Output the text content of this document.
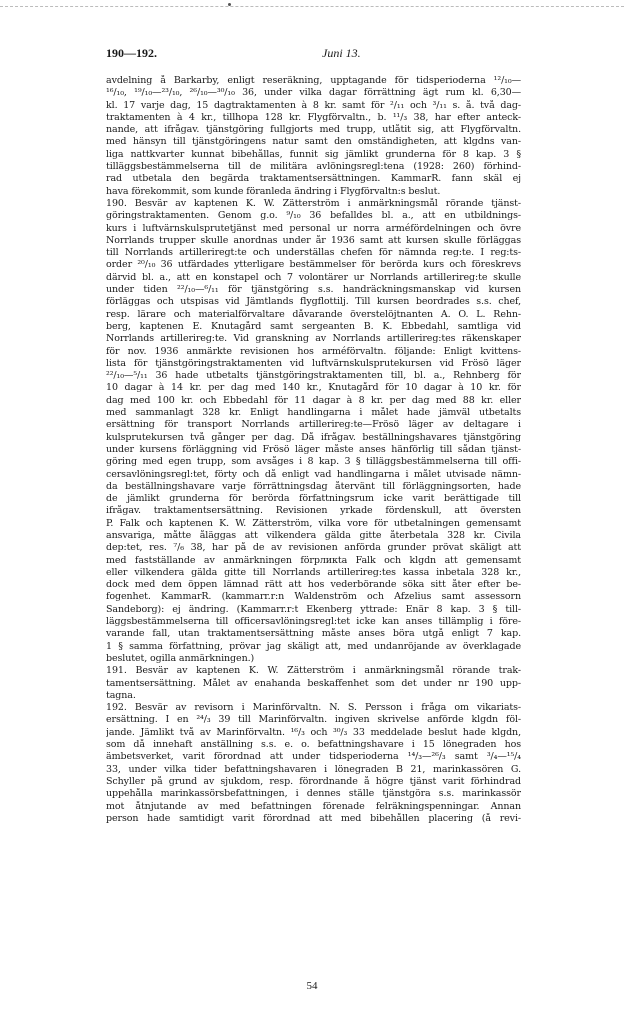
190—192.	Juni 13.
avdelning å Barkarby, enligt reseräkning, upptagande för tidsperioderna ¹²/₁₀—
¹⁶/₁₀, ¹⁹/₁₀—²³/₁₀, ²⁶/₁₀—³⁰/₁₀ 36, under vilka dagar förrättning ägt rum kl. 6,30—
kl. 17 varje dag, 15 dagtraktamenten à 8 kr. samt för ²/₁₁ och ³/₁₁ s. å. två dag-
traktamenten à 4 kr., tillhopa 128 kr. Flygförvaltn., b. ¹¹/₃ 38, har efter anteck-
nande, att ifrågav. tjänstgöring fullgjorts med trupp, utlåtit sig, att Flygförvaltn.
med hänsyn till tjänstgöringens natur samt den omständigheten, att klgdns van-
liga nattkvarter kunnat bibehållas, funnit sig jämlikt grunderna för 8 kap. 3 §
tilläggsbestämmelserna till de militära avlöningsregl:tena (1928: 260) förhind-
rad utbetala den begärda traktamentsersättningen. KammarR. fann skäl ej
hava förekommit, som kunde föranleda ändring i Flygförvaltn:s beslut.
190. Besvär av kaptenen K. W. Zätterström i anmärkningsmål rörande tjänst-
göringstraktamenten. Genom g.o. ⁹/₁₀ 36 befalldes bl. a., att en utbildnings-
kurs i luftvärnskulsprutetjänst med personal ur norra arméfördelningen och övre
Norrlands trupper skulle anordnas under år 1936 samt att kursen skulle förläggas
till Norrlands artilleriregt:te och underställas chefen för nämnda reg:te. I reg:ts-
order ²⁰/₁₀ 36 utfärdades ytterligare bestämmelser för berörda kurs och föreskrevs
därvid bl. a., att en konstapel och 7 volontärer ur Norrlands artillerireg:te skulle
under tiden ²²/₁₀—⁶/₁₁ för tjänstgöring s.s. handräckningsmanskap vid kursen
förläggas och utspisas vid Jämtlands flygflottilj. Till kursen beordrades s.s. chef,
resp. lärare och materialförvaltare dåvarande överstelöjtnanten A. O. L. Rehn-
berg, kaptenen E. Knutagård samt sergeanten B. K. Ebbedahl, samtliga vid
Norrlands artillerireg:te. Vid granskning av Norrlands artillerireg:tes räkenskaper
för nov. 1936 anmärkte revisionen hos arméförvaltn. följande: Enligt kvittens-
lista för tjänstgöringstraktamenten vid luftvärnskulsprutekursen vid Frösö läger
²²/₁₀—⁵/₁₁ 36 hade utbetalts tjänstgöringstraktamenten till, bl. a., Rehnberg för
10 dagar à 14 kr. per dag med 140 kr., Knutagård för 10 dagar à 10 kr. för
dag med 100 kr. och Ebbedahl för 11 dagar à 8 kr. per dag med 88 kr. eller
med sammanlagt 328 kr. Enligt handlingarna i målet hade jämväl utbetalts
ersättning för transport Norrlands artillerireg:te—Frösö läger av deltagare i
kulsprutekursen två gånger per dag. Då ifrågav. beställningshavares tjänstgöring
under kursens förläggning vid Frösö läger måste anses hänförlig till sådan tjänst-
göring med egen trupp, som avsåges i 8 kap. 3 § tilläggsbestämmelserna till offi-
cersavlöningsregl:tet, förty och då enligt vad handlingarna i målet utvisade nämn-
da beställningshavare varje förrättningsdag återvänt till förläggningsorten, hade
de jämlikt grunderna för berörda författningsrum icke varit berättigade till
ifrågav. traktamentsersättning. Revisionen yrkade fördenskull, att översten
P. Falk och kaptenen K. W. Zätterström, vilka vore för utbetalningen gemensamt
ansvariga, måtte åläggas att vilkendera gälda gitte återbetala 328 kr. Civila
dep:tet, res. ⁷/₆ 38, har på de av revisionen anförda grunder prövat skäligt att
med fastställande av anmärkningen förpликta Falk och klgdn att gemensamt
eller vilkendera gälda gitte till Norrlands artillerireg:tes kassa inbetala 328 kr.,
dock med dem öppen lämnad rätt att hos vederbörande söka sitt åter efter be-
fogenhet. KammarR. (kammarr.r:n Waldenström och Afzelius samt assessorn
Sandeborg): ej ändring. (Kammarr.r:t Ekenberg yttrade: Enär 8 kap. 3 § till-
läggsbestämmelserna till officersavlöningsregl:tet icke kan anses tillämplig i före-
varande fall, utan traktamentsersättning måste anses böra utgå enligt 7 kap.
1 § samma författning, prövar jag skäligt att, med undanröjande av överklagade
beslutet, ogilla anmärkningen.)
191. Besvär av kaptenen K. W. Zätterström i anmärkningsmål rörande trak-
tamentsersättning. Målet av enahanda beskaffenhet som det under nr 190 upp-
tagna.
192. Besvär av revisorn i Marinförvaltn. N. S. Persson i fråga om vikariats-
ersättning. I en ²⁴/₃ 39 till Marinförvaltn. ingiven skrivelse anförde klgdn föl-
jande. Jämlikt två av Marinförvaltn. ¹⁶/₃ och ³⁰/₃ 33 meddelade beslut hade klgdn,
som då innehaft anställning s.s. e. o. befattningshavare i 15 lönegraden hos
ämbetsverket, varit förordnad att under tidsperioderna ¹⁴/₃—²⁶/₃ samt ³/₄—¹⁵/₄
33, under vilka tider befattningshavaren i lönegraden B 21, marinkassören G.
Schyller på grund av sjukdom, resp. förordnande å högre tjänst varit förhindrad
uppehålla marinkassörsbefattningen, i dennes ställe tjänstgöra s.s. marinkassör
mot åtnjutande av med befattningen förenade felräkningspenningar. Annan
person hade samtidigt varit förordnad att med bibehållen placering (å revi-
54
